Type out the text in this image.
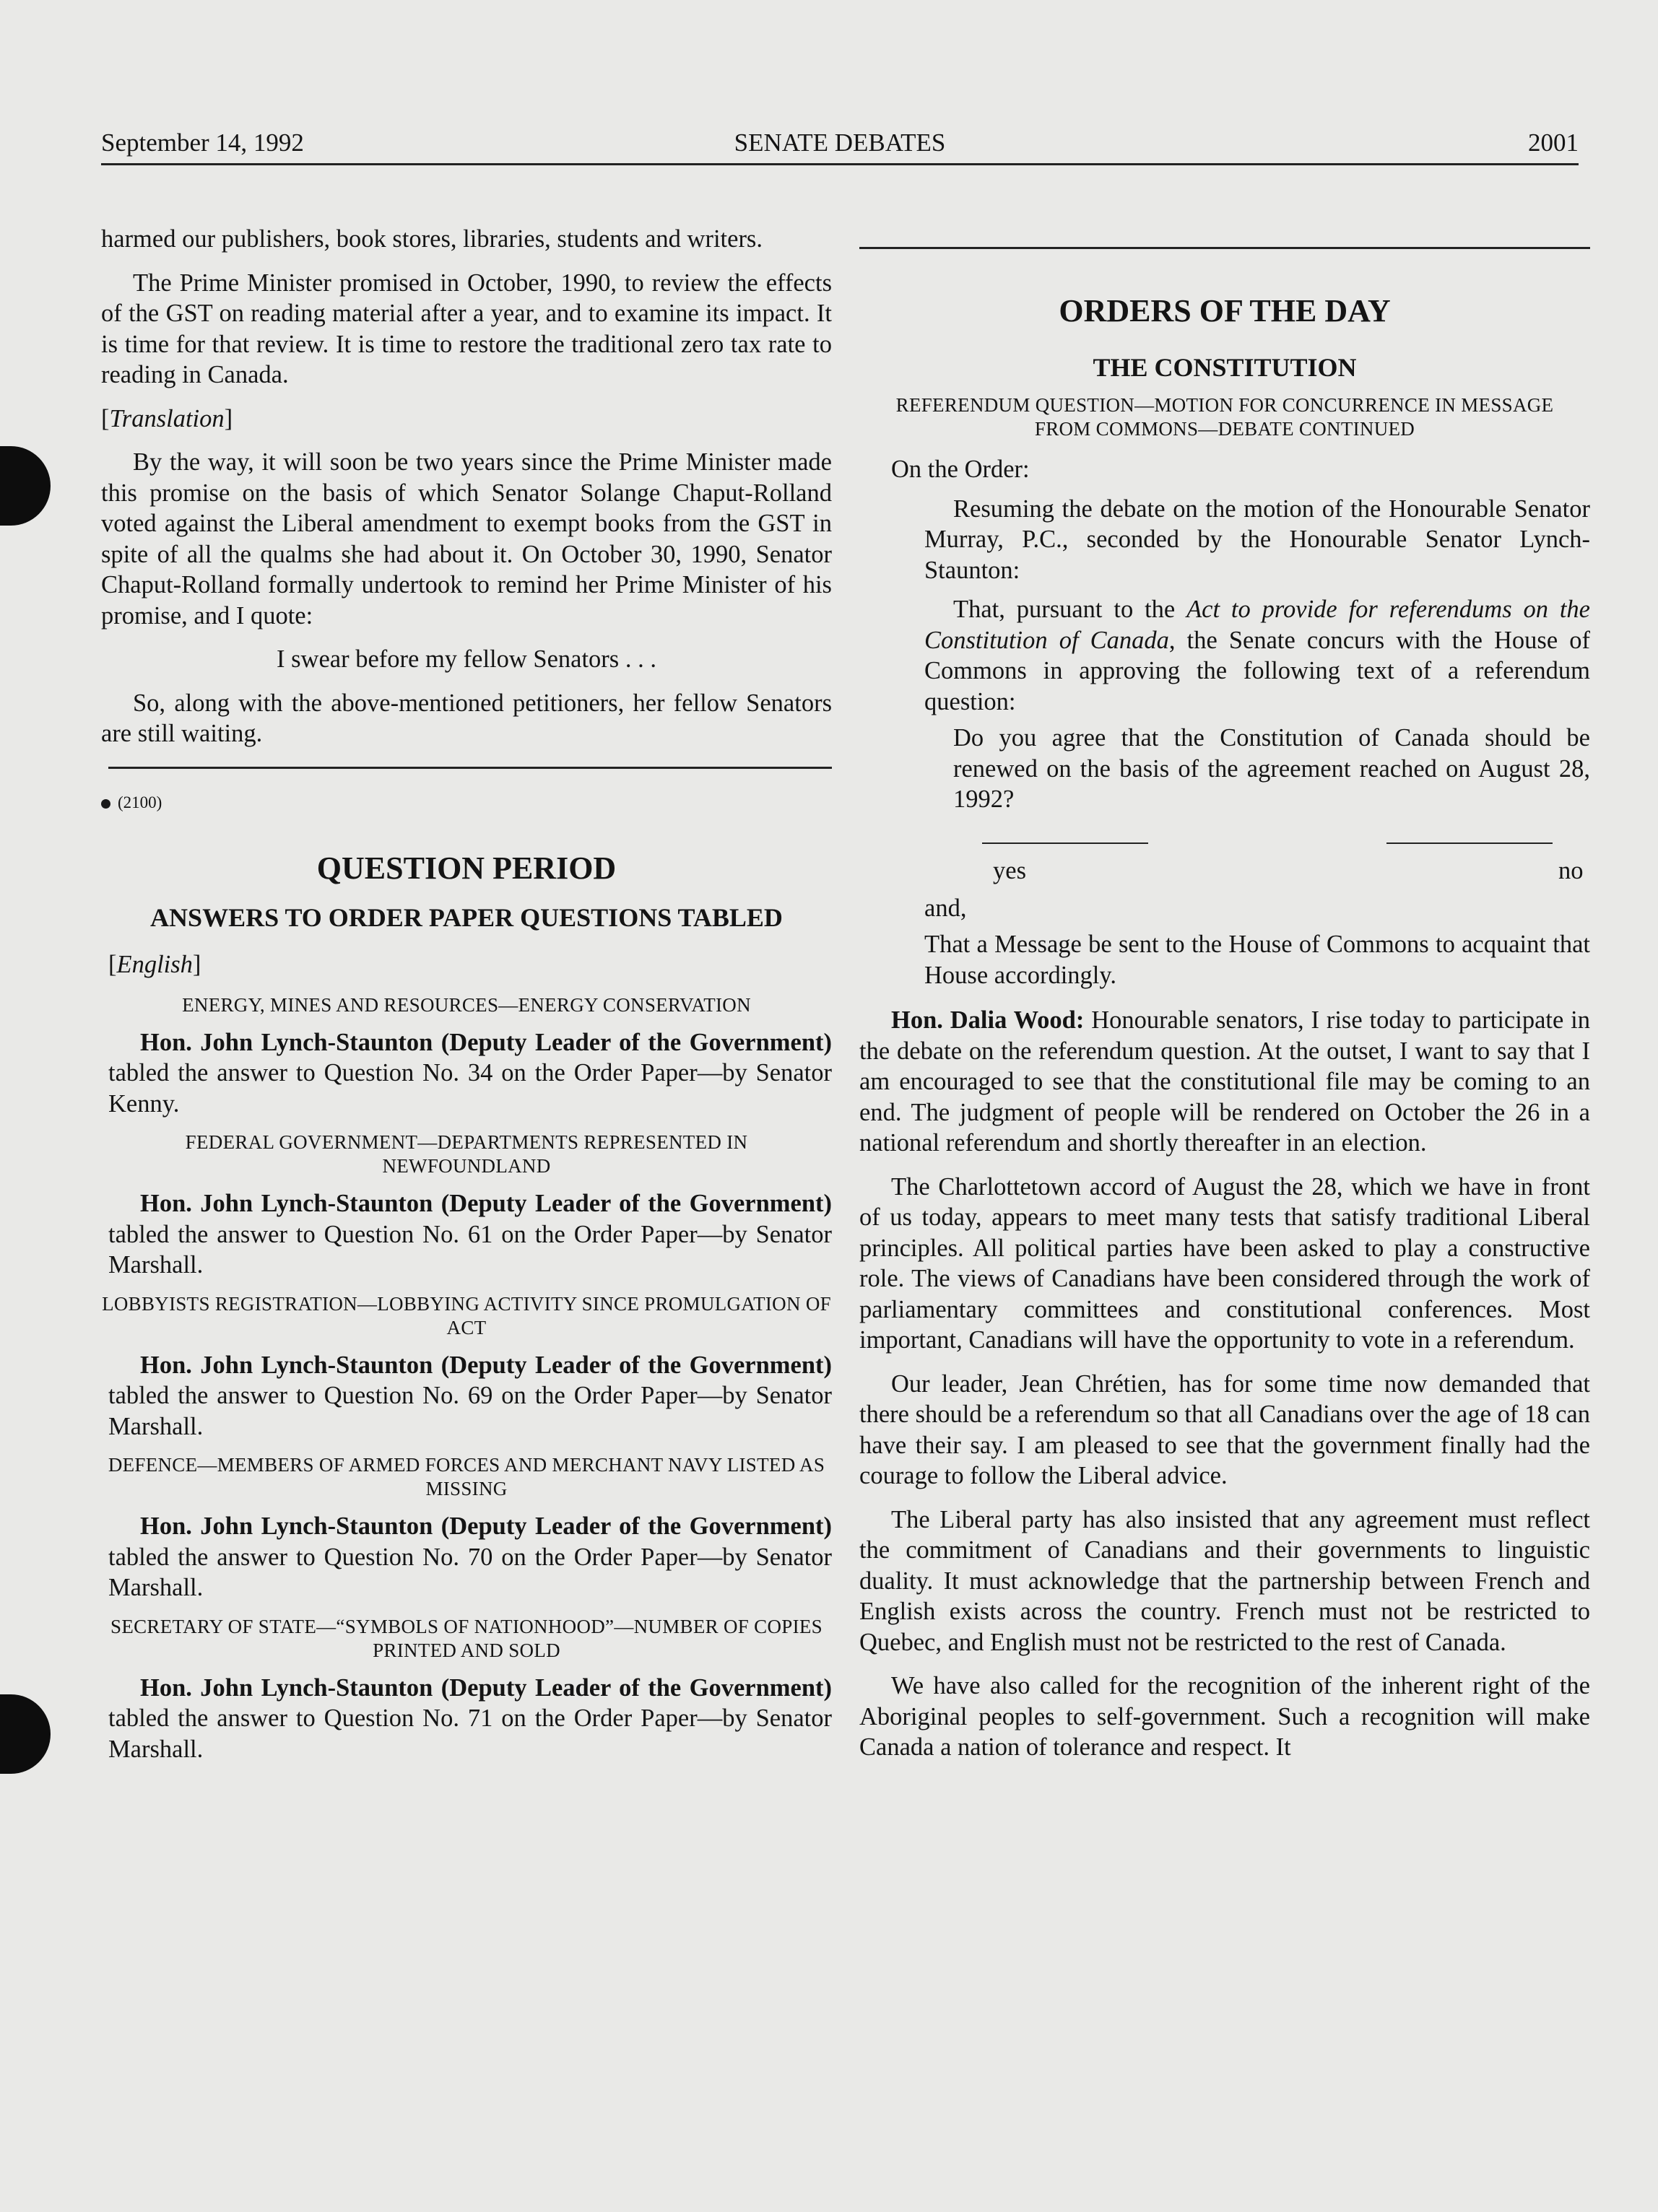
September 14, 1992	SENATE DEBATES	2001

harmed our publishers, book stores, libraries, students and writers.

The Prime Minister promised in October, 1990, to review the effects of the GST on reading material after a year, and to examine its impact. It is time for that review. It is time to restore the traditional zero tax rate to reading in Canada.

[Translation]

By the way, it will soon be two years since the Prime Minister made this promise on the basis of which Senator Solange Chaput-Rolland voted against the Liberal amendment to exempt books from the GST in spite of all the qualms she had about it. On October 30, 1990, Senator Chaput-Rolland formally undertook to remind her Prime Minister of his promise, and I quote:

I swear before my fellow Senators . . .

So, along with the above-mentioned petitioners, her fellow Senators are still waiting.

(2100)

QUESTION PERIOD

ANSWERS TO ORDER PAPER QUESTIONS TABLED

[English]

ENERGY, MINES AND RESOURCES—ENERGY CONSERVATION

Hon. John Lynch-Staunton (Deputy Leader of the Government) tabled the answer to Question No. 34 on the Order Paper—by Senator Kenny.

FEDERAL GOVERNMENT—DEPARTMENTS REPRESENTED IN NEWFOUNDLAND

Hon. John Lynch-Staunton (Deputy Leader of the Government) tabled the answer to Question No. 61 on the Order Paper—by Senator Marshall.

LOBBYISTS REGISTRATION—LOBBYING ACTIVITY SINCE PROMULGATION OF ACT

Hon. John Lynch-Staunton (Deputy Leader of the Government) tabled the answer to Question No. 69 on the Order Paper—by Senator Marshall.

DEFENCE—MEMBERS OF ARMED FORCES AND MERCHANT NAVY LISTED AS MISSING

Hon. John Lynch-Staunton (Deputy Leader of the Government) tabled the answer to Question No. 70 on the Order Paper—by Senator Marshall.

SECRETARY OF STATE—“SYMBOLS OF NATIONHOOD”—NUMBER OF COPIES PRINTED AND SOLD

Hon. John Lynch-Staunton (Deputy Leader of the Government) tabled the answer to Question No. 71 on the Order Paper—by Senator Marshall.

ORDERS OF THE DAY

THE CONSTITUTION

REFERENDUM QUESTION—MOTION FOR CONCURRENCE IN MESSAGE FROM COMMONS—DEBATE CONTINUED

On the Order:

Resuming the debate on the motion of the Honourable Senator Murray, P.C., seconded by the Honourable Senator Lynch-Staunton:

That, pursuant to the Act to provide for referendums on the Constitution of Canada, the Senate concurs with the House of Commons in approving the following text of a referendum question:

Do you agree that the Constitution of Canada should be renewed on the basis of the agreement reached on August 28, 1992?

yes	no

and,

That a Message be sent to the House of Commons to acquaint that House accordingly.

Hon. Dalia Wood: Honourable senators, I rise today to participate in the debate on the referendum question. At the outset, I want to say that I am encouraged to see that the constitutional file may be coming to an end. The judgment of people will be rendered on October the 26 in a national referendum and shortly thereafter in an election.

The Charlottetown accord of August the 28, which we have in front of us today, appears to meet many tests that satisfy traditional Liberal principles. All political parties have been asked to play a constructive role. The views of Canadians have been considered through the work of parliamentary committees and constitutional conferences. Most important, Canadians will have the opportunity to vote in a referendum.

Our leader, Jean Chrétien, has for some time now demanded that there should be a referendum so that all Canadians over the age of 18 can have their say. I am pleased to see that the government finally had the courage to follow the Liberal advice.

The Liberal party has also insisted that any agreement must reflect the commitment of Canadians and their governments to linguistic duality. It must acknowledge that the partnership between French and English exists across the country. French must not be restricted to Quebec, and English must not be restricted to the rest of Canada.

We have also called for the recognition of the inherent right of the Aboriginal peoples to self-government. Such a recognition will make Canada a nation of tolerance and respect. It
